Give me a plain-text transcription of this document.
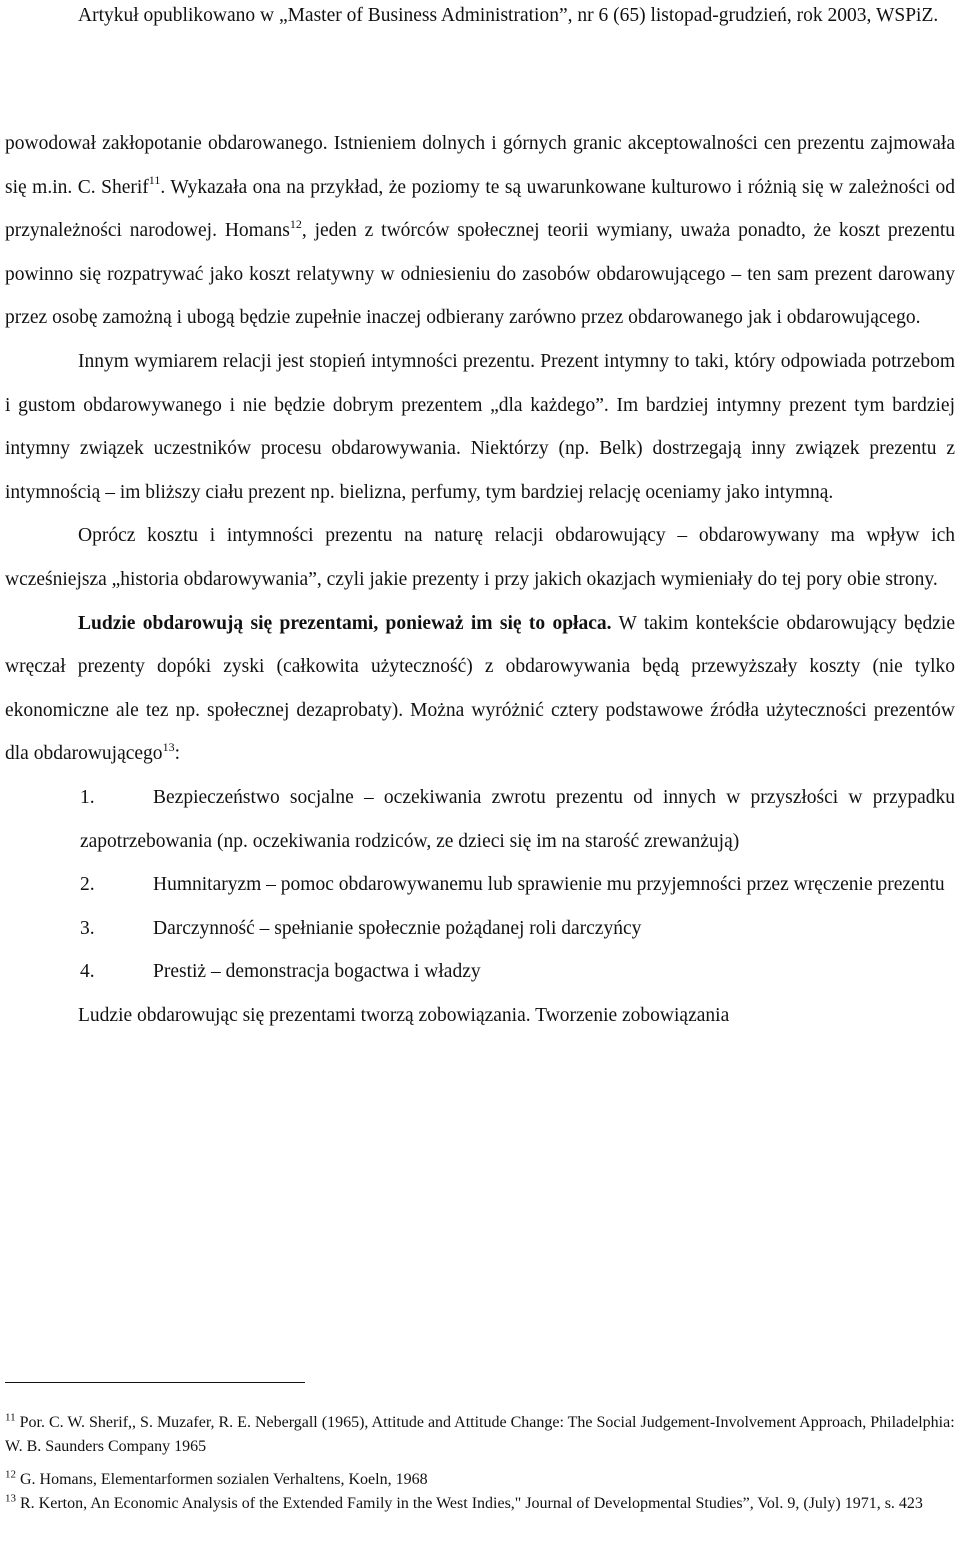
Artykuł opublikowano w „Master of Business Administration”, nr 6 (65) listopad-grudzień, rok 2003, WSPiZ.

powodował zakłopotanie obdarowanego. Istnieniem dolnych i górnych granic akceptowalności cen prezentu zajmowała się m.in. C. Sherif$^{11}$. Wykazała ona na przykład, że poziomy te są uwarunkowane kulturowo i różnią się w zależności od przynależności narodowej. Homans$^{12}$, jeden z twórców społecznej teorii wymiany, uważa ponadto, że koszt prezentu powinno się rozpatrywać jako koszt relatywny w odniesieniu do zasobów obdarowującego – ten sam prezent darowany przez osobę zamożną i ubogą będzie zupełnie inaczej odbierany zarówno przez obdarowanego jak i obdarowującego.

Innym wymiarem relacji jest stopień intymności prezentu. Prezent intymny to taki, który odpowiada potrzebom i gustom obdarowywanego i nie będzie dobrym prezentem „dla każdego”. Im bardziej intymny prezent tym bardziej intymny związek uczestników procesu obdarowywania. Niektórzy (np. Belk) dostrzegają inny związek prezentu z intymnością – im bliższy ciału prezent np. bielizna, perfumy, tym bardziej relację oceniamy jako intymną.

Oprócz kosztu i intymności prezentu na naturę relacji obdarowujący – obdarowywany ma wpływ ich wcześniejsza „historia obdarowywania”, czyli jakie prezenty i przy jakich okazjach wymieniały do tej pory obie strony.

Ludzie obdarowują się prezentami, ponieważ im się to opłaca. W takim kontekście obdarowujący będzie wręczał prezenty dopóki zyski (całkowita użyteczność) z obdarowywania będą przewyższały koszty (nie tylko ekonomiczne ale tez np. społecznej dezaprobaty). Można wyróżnić cztery podstawowe źródła użyteczności prezentów dla obdarowującego$^{13}$:

1.	Bezpieczeństwo socjalne – oczekiwania zwrotu prezentu od innych w przyszłości w przypadku zapotrzebowania (np. oczekiwania rodziców, ze dzieci się im na starość zrewanżują)

2.	Humnitaryzm – pomoc obdarowywanemu lub sprawienie mu przyjemności przez wręczenie prezentu

3.	Darczynność – spełnianie społecznie pożądanej roli darczyńcy

4.	Prestiż – demonstracja bogactwa i władzy

Ludzie obdarowując się prezentami tworzą zobowiązania. Tworzenie zobowiązania

$^{11}$ Por. C. W. Sherif,, S. Muzafer, R. E. Nebergall (1965), Attitude and Attitude Change: The Social Judgement-Involvement Approach, Philadelphia: W. B. Saunders Company 1965

$^{12}$ G. Homans, Elementarformen sozialen Verhaltens, Koeln, 1968

$^{13}$ R. Kerton, An Economic Analysis of the Extended Family in the West Indies," Journal of Developmental Studies”, Vol. 9, (July) 1971, s. 423
